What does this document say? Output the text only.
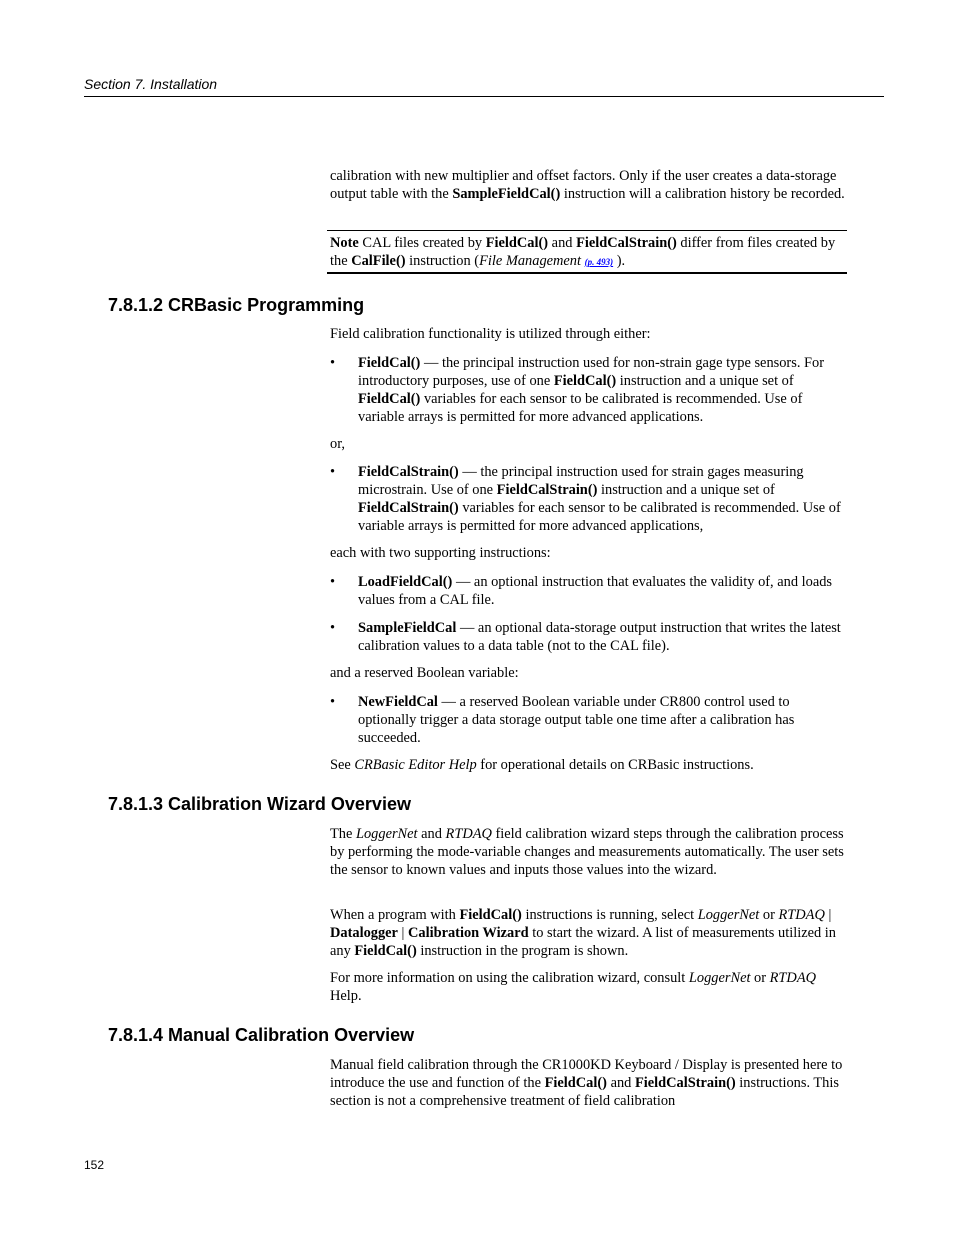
Section 7. Installation

calibration with new multiplier and offset factors. Only if the user creates a data-storage output table with the SampleFieldCal() instruction will a calibration history be recorded.

Note CAL files created by FieldCal() and FieldCalStrain() differ from files created by the CalFile() instruction (File Management (p. 493) ).
7.8.1.2 CRBasic Programming

Field calibration functionality is utilized through either:

• FieldCal() — the principal instruction used for non-strain gage type sensors. For introductory purposes, use of one FieldCal() instruction and a unique set of FieldCal() variables for each sensor to be calibrated is recommended. Use of variable arrays is permitted for more advanced applications.

or,

• FieldCalStrain() — the principal instruction used for strain gages measuring microstrain. Use of one FieldCalStrain() instruction and a unique set of FieldCalStrain() variables for each sensor to be calibrated is recommended. Use of variable arrays is permitted for more advanced applications,

each with two supporting instructions:

• LoadFieldCal() — an optional instruction that evaluates the validity of, and loads values from a CAL file.
• SampleFieldCal — an optional data-storage output instruction that writes the latest calibration values to a data table (not to the CAL file).

and a reserved Boolean variable:

• NewFieldCal — a reserved Boolean variable under CR800 control used to optionally trigger a data storage output table one time after a calibration has succeeded.

See CRBasic Editor Help for operational details on CRBasic instructions.

7.8.1.3 Calibration Wizard Overview

The LoggerNet and RTDAQ field calibration wizard steps through the calibration process by performing the mode-variable changes and measurements automatically. The user sets the sensor to known values and inputs those values into the wizard.

When a program with FieldCal() instructions is running, select LoggerNet or RTDAQ | Datalogger | Calibration Wizard to start the wizard. A list of measurements utilized in any FieldCal() instruction in the program is shown.

For more information on using the calibration wizard, consult LoggerNet or RTDAQ Help.

7.8.1.4 Manual Calibration Overview

Manual field calibration through the CR1000KD Keyboard / Display is presented here to introduce the use and function of the FieldCal() and FieldCalStrain() instructions. This section is not a comprehensive treatment of field calibration

152
